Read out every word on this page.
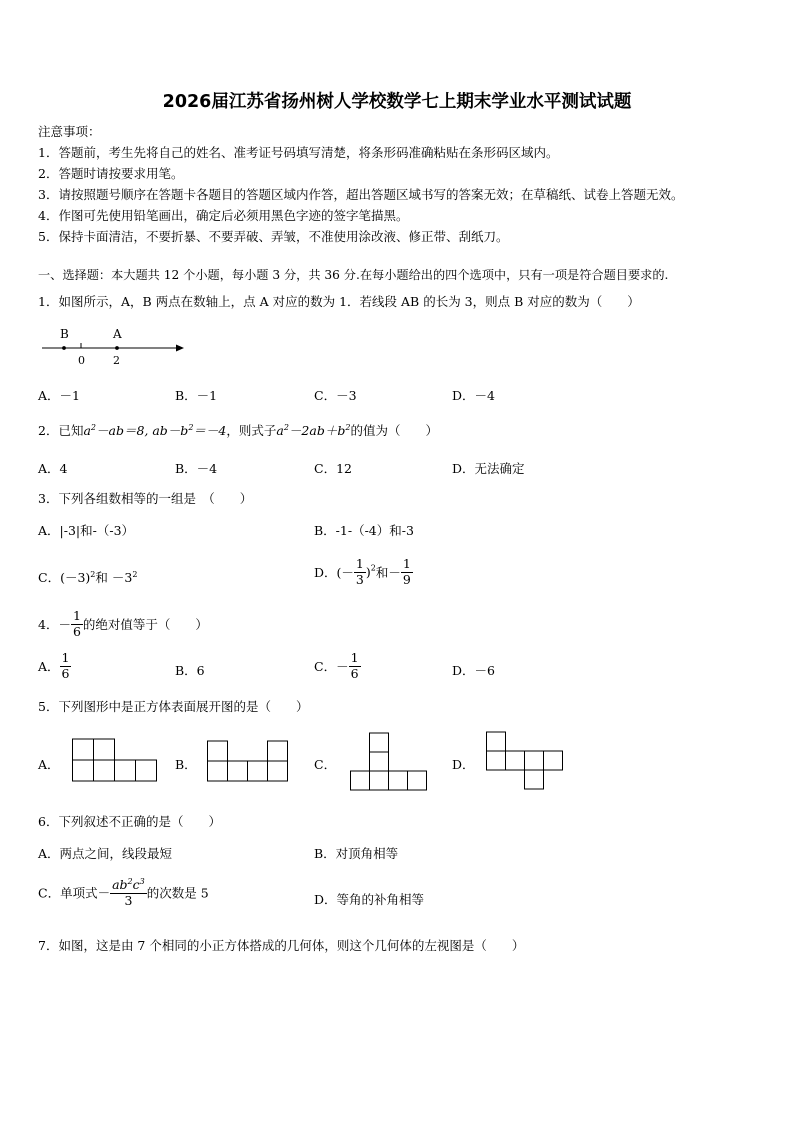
2026届江苏省扬州树人学校数学七上期末学业水平测试试题
注意事项：
1．答题前，考生先将自己的姓名、准考证号码填写清楚，将条形码准确粘贴在条形码区域内。
2．答题时请按要求用笔。
3．请按照题号顺序在答题卡各题目的答题区域内作答，超出答题区域书写的答案无效；在草稿纸、试卷上答题无效。
4．作图可先使用铅笔画出，确定后必须用黑色字迹的签字笔描黑。
5．保持卡面清洁，不要折暴、不要弄破、弄皱，不准使用涂改液、修正带、刮纸刀。
一、选择题：本大题共 12 个小题，每小题 3 分，共 36 分.在每小题给出的四个选项中，只有一项是符合题目要求的.
1．如图所示，A，B 两点在数轴上，点 A 对应的数为 1．若线段 AB 的长为 3，则点 B 对应的数为（　　）
B	A
0	2
A．－1	B．－1	C．－3	D．－4
2．已知$a^2-ab=8$, $ab-b^2=-4$，则式子$a^2-2ab+b^2$的值为（　　）
A．4	B．－4	C．12	D．无法确定
3．下列各组数相等的一组是　（　　）
A．|-3|和-（-3）	B．-1-（-4）和-3
C．$(-3)^2$和 $-3^2$	D．(－ $\frac{1}{3} )^2$和－ $\frac{1}{9}$
4．－ $\frac{1}{6}$ 的绝对值等于（　　）
A． $\frac{1}{6}$	B．6	C．－ $\frac{1}{6}$	D．－6
5．下列图形中是正方体表面展开图的是（　　）
A．	B．	C．	D．
6．下列叙述不正确的是（　　）
A．两点之间，线段最短	B．对顶角相等
C．单项式－ $\frac{ab^2c^3}{3}$ 的次数是 5	D．等角的补角相等
7．如图，这是由 7 个相同的小正方体搭成的几何体，则这个几何体的左视图是（　　）
